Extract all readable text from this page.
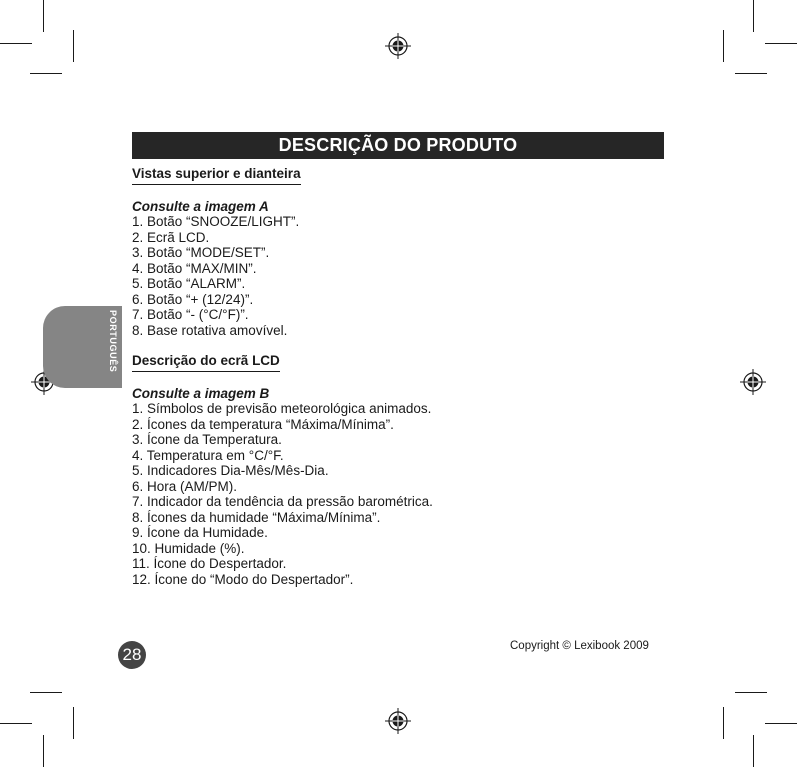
DESCRIÇÃO DO PRODUTO
PORTUGUÊS
Vistas superior e dianteira
Consulte a imagem A
1. Botão “SNOOZE/LIGHT”.
2. Ecrã LCD.
3. Botão “MODE/SET”.
4. Botão “MAX/MIN”.
5. Botão “ALARM”.
6. Botão “+ (12/24)”.
7. Botão “- (°C/°F)”.
8. Base rotativa amovível.
Descrição do ecrã LCD
Consulte a imagem B
1. Símbolos de previsão meteorológica animados.
2. Ícones da temperatura “Máxima/Mínima”.
3. Ícone da Temperatura.
4. Temperatura em °C/°F.
5. Indicadores Dia-Mês/Mês-Dia.
6. Hora (AM/PM).
7. Indicador da tendência da pressão barométrica.
8. Ícones da humidade “Máxima/Mínima”.
9. Ícone da Humidade.
10. Humidade (%).
11. Ícone do Despertador.
12. Ícone do “Modo do Despertador”.
28	Copyright © Lexibook 2009
